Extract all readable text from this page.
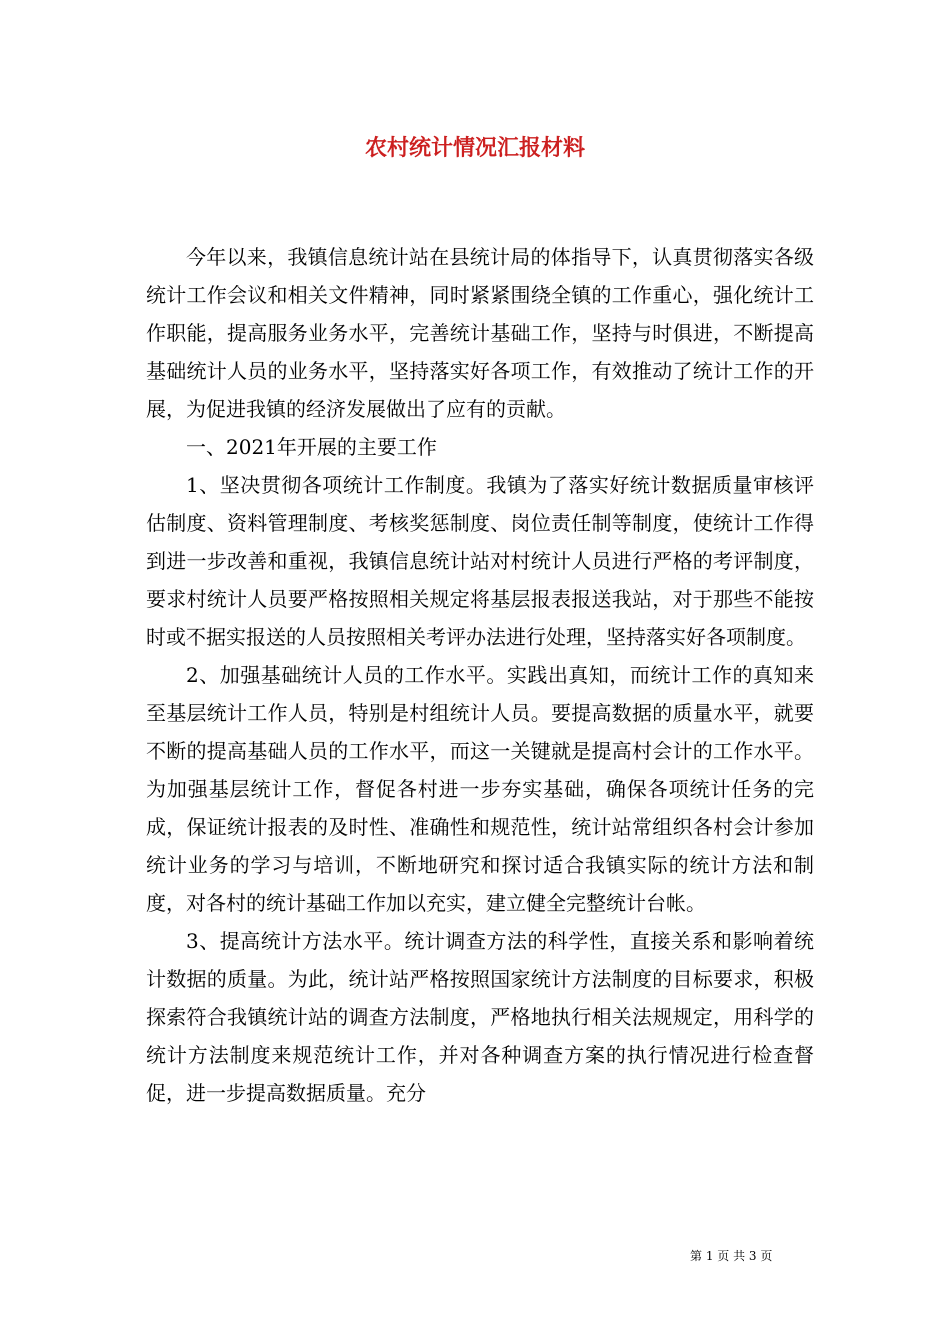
农村统计情况汇报材料

今年以来，我镇信息统计站在县统计局的体指导下，认真贯彻落实各级统计工作会议和相关文件精神，同时紧紧围绕全镇的工作重心，强化统计工作职能，提高服务业务水平，完善统计基础工作，坚持与时俱进，不断提高基础统计人员的业务水平，坚持落实好各项工作，有效推动了统计工作的开展，为促进我镇的经济发展做出了应有的贡献。

一、2021年开展的主要工作

1、坚决贯彻各项统计工作制度。我镇为了落实好统计数据质量审核评估制度、资料管理制度、考核奖惩制度、岗位责任制等制度，使统计工作得到进一步改善和重视，我镇信息统计站对村统计人员进行严格的考评制度，要求村统计人员要严格按照相关规定将基层报表报送我站，对于那些不能按时或不据实报送的人员按照相关考评办法进行处理，坚持落实好各项制度。

2、加强基础统计人员的工作水平。实践出真知，而统计工作的真知来至基层统计工作人员，特别是村组统计人员。要提高数据的质量水平，就要不断的提高基础人员的工作水平，而这一关键就是提高村会计的工作水平。为加强基层统计工作，督促各村进一步夯实基础，确保各项统计任务的完成，保证统计报表的及时性、准确性和规范性，统计站常组织各村会计参加统计业务的学习与培训，不断地研究和探讨适合我镇实际的统计方法和制度，对各村的统计基础工作加以充实，建立健全完整统计台帐。

3、提高统计方法水平。统计调查方法的科学性，直接关系和影响着统计数据的质量。为此，统计站严格按照国家统计方法制度的目标要求，积极探索符合我镇统计站的调查方法制度，严格地执行相关法规规定，用科学的统计方法制度来规范统计工作，并对各种调查方案的执行情况进行检查督促，进一步提高数据质量。充分

第 1 页 共 3 页
